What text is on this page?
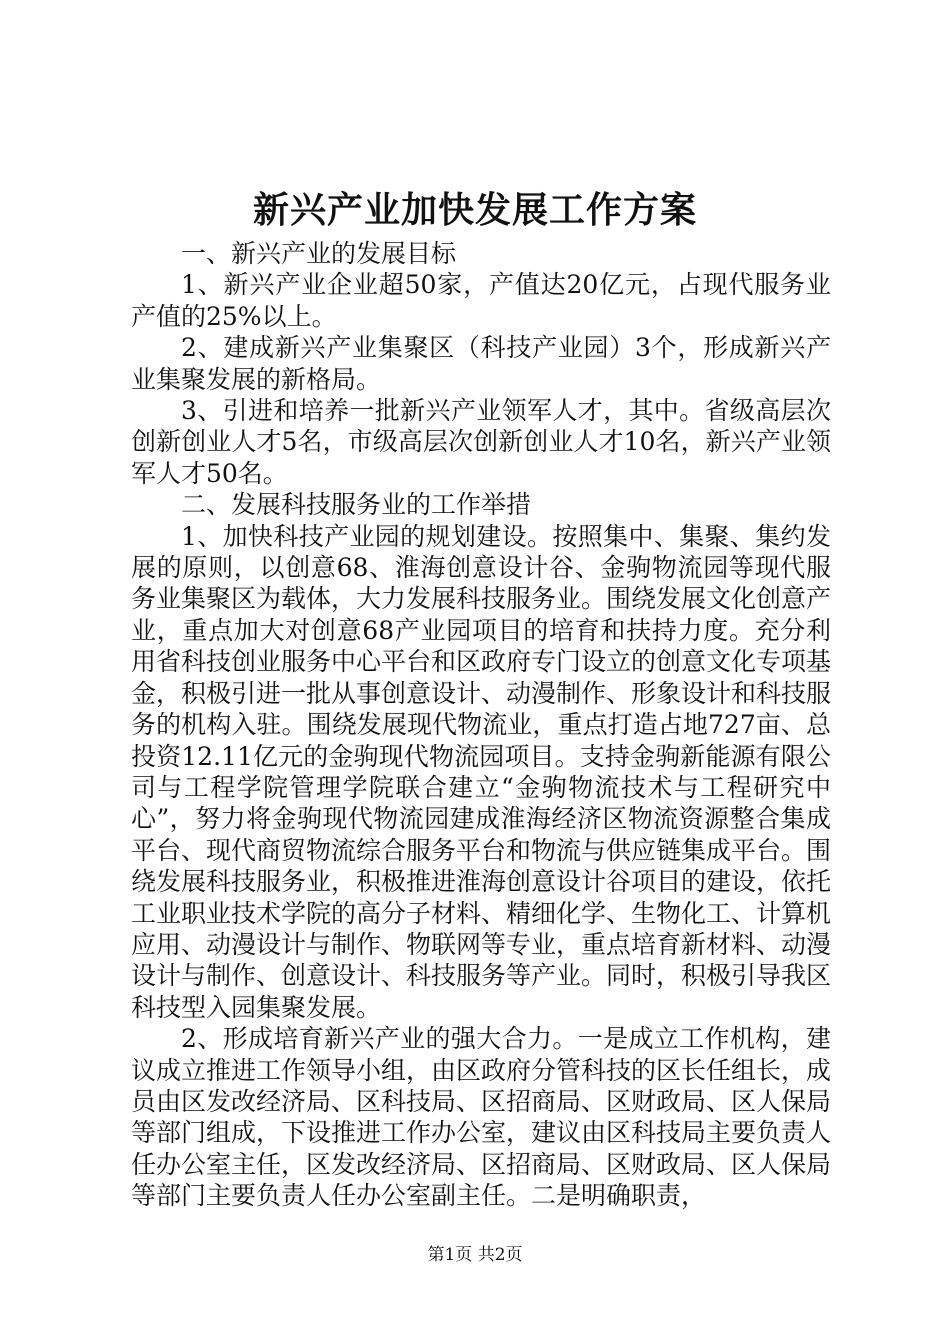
新兴产业加快发展工作方案

一、新兴产业的发展目标

1、新兴产业企业超50家，产值达20亿元，占现代服务业产值的25%以上。

2、建成新兴产业集聚区（科技产业园）3个，形成新兴产业集聚发展的新格局。

3、引进和培养一批新兴产业领军人才，其中。省级高层次创新创业人才5名，市级高层次创新创业人才10名，新兴产业领军人才50名。

二、发展科技服务业的工作举措

1、加快科技产业园的规划建设。按照集中、集聚、集约发展的原则，以创意68、淮海创意设计谷、金驹物流园等现代服务业集聚区为载体，大力发展科技服务业。围绕发展文化创意产业，重点加大对创意68产业园项目的培育和扶持力度。充分利用省科技创业服务中心平台和区政府专门设立的创意文化专项基金，积极引进一批从事创意设计、动漫制作、形象设计和科技服务的机构入驻。围绕发展现代物流业，重点打造占地727亩、总投资12.11亿元的金驹现代物流园项目。支持金驹新能源有限公司与工程学院管理学院联合建立“金驹物流技术与工程研究中心”，努力将金驹现代物流园建成淮海经济区物流资源整合集成平台、现代商贸物流综合服务平台和物流与供应链集成平台。围绕发展科技服务业，积极推进淮海创意设计谷项目的建设，依托工业职业技术学院的高分子材料、精细化学、生物化工、计算机应用、动漫设计与制作、物联网等专业，重点培育新材料、动漫设计与制作、创意设计、科技服务等产业。同时，积极引导我区科技型入园集聚发展。

2、形成培育新兴产业的强大合力。一是成立工作机构，建议成立推进工作领导小组，由区政府分管科技的区长任组长，成员由区发改经济局、区科技局、区招商局、区财政局、区人保局等部门组成，下设推进工作办公室，建议由区科技局主要负责人任办公室主任，区发改经济局、区招商局、区财政局、区人保局等部门主要负责人任办公室副主任。二是明确职责，

第1页 共2页
